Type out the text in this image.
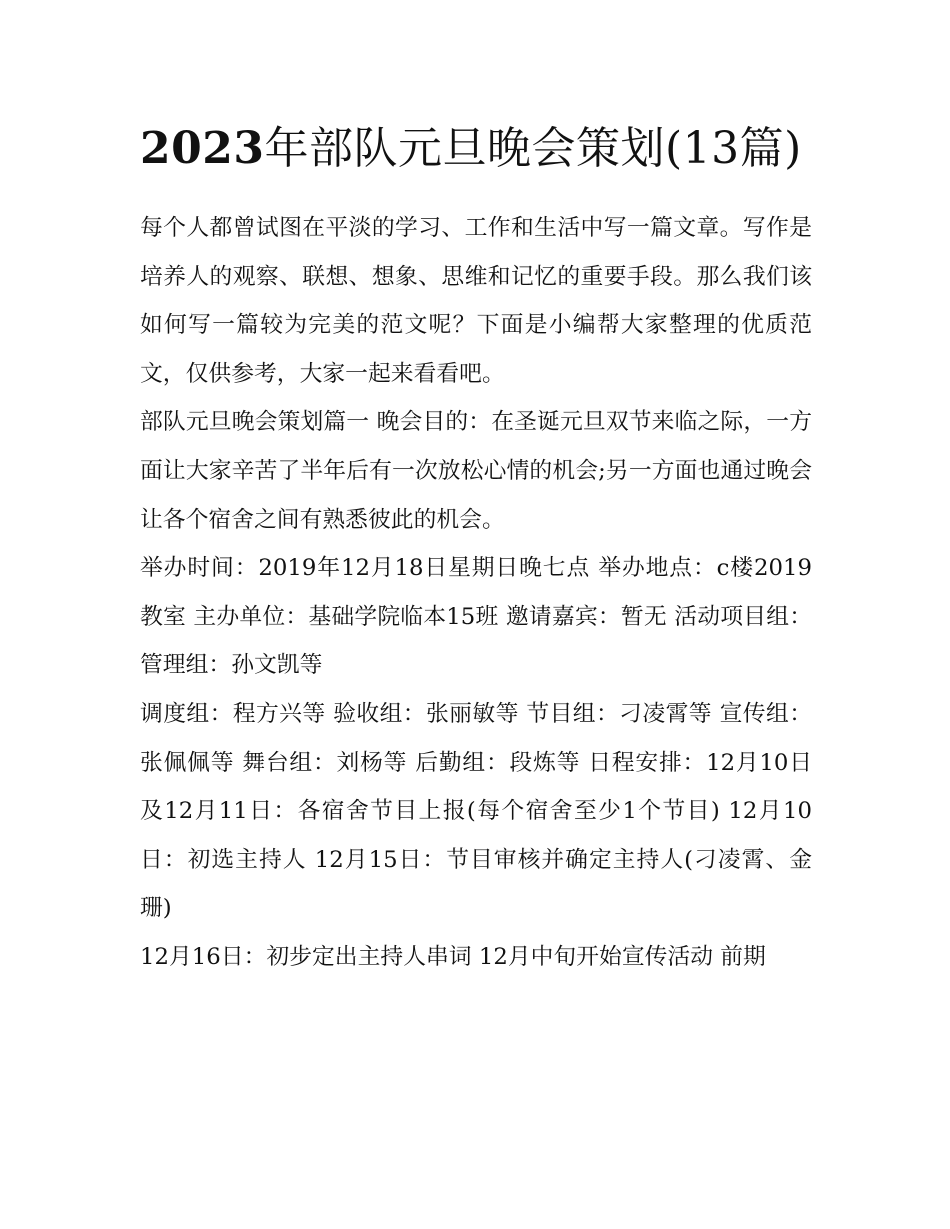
2023年部队元旦晚会策划(13篇)

每个人都曾试图在平淡的学习、工作和生活中写一篇文章。写作是培养人的观察、联想、想象、思维和记忆的重要手段。那么我们该如何写一篇较为完美的范文呢？下面是小编帮大家整理的优质范文，仅供参考，大家一起来看看吧。

部队元旦晚会策划篇一 晚会目的：在圣诞元旦双节来临之际，一方面让大家辛苦了半年后有一次放松心情的机会;另一方面也通过晚会让各个宿舍之间有熟悉彼此的机会。

举办时间：2019年12月18日星期日晚七点 举办地点：c楼2019教室 主办单位：基础学院临本15班 邀请嘉宾：暂无 活动项目组： 管理组：孙文凯等

调度组：程方兴等 验收组：张丽敏等 节目组：刁凌霄等 宣传组：张佩佩等 舞台组：刘杨等 后勤组：段炼等 日程安排：12月10日及12月11日：各宿舍节目上报(每个宿舍至少1个节目) 12月10日：初选主持人 12月15日：节目审核并确定主持人(刁凌霄、金珊)

12月16日：初步定出主持人串词 12月中旬开始宣传活动 前期
